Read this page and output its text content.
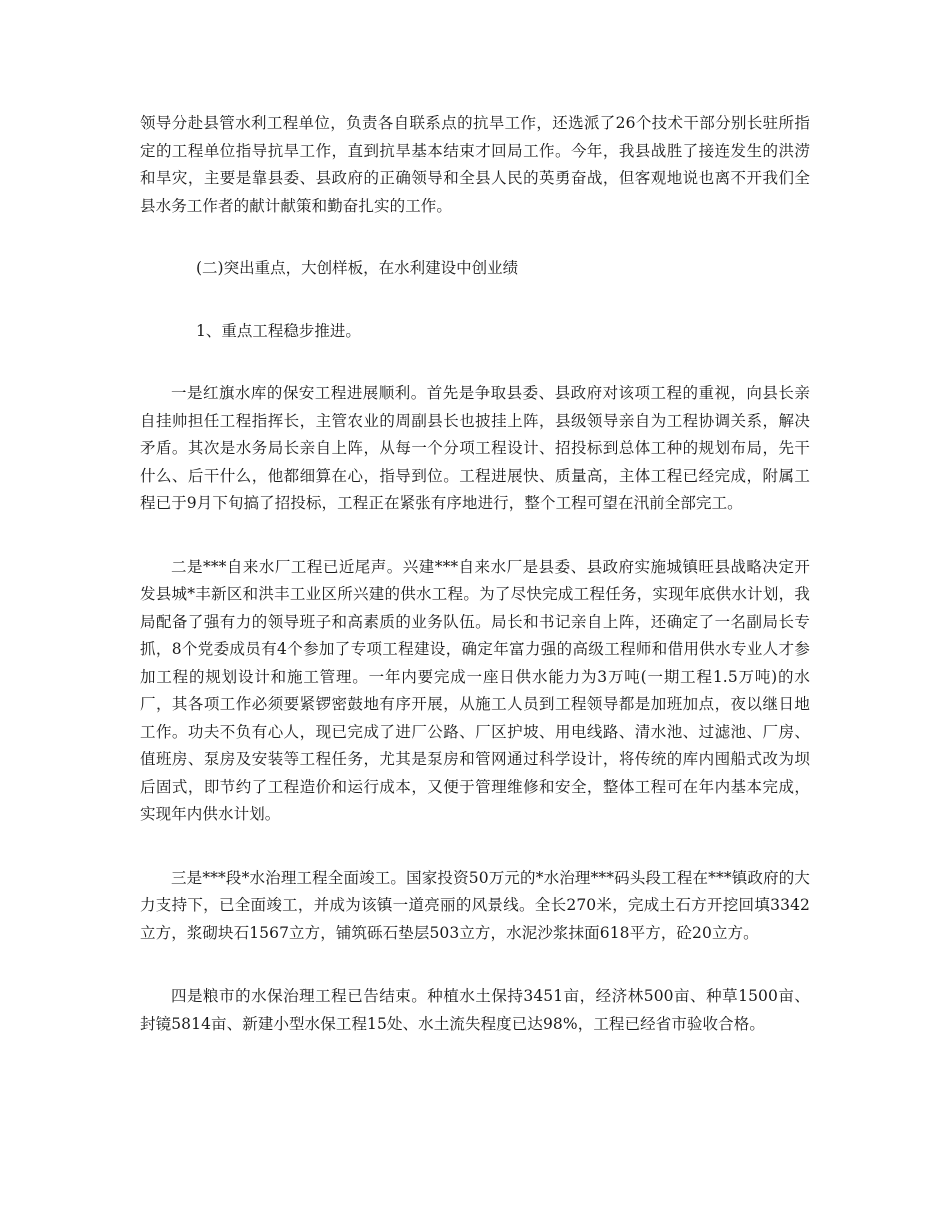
领导分赴县管水利工程单位，负责各自联系点的抗旱工作，还选派了26个技术干部分别长驻所指定的工程单位指导抗旱工作，直到抗旱基本结束才回局工作。今年，我县战胜了接连发生的洪涝和旱灾，主要是靠县委、县政府的正确领导和全县人民的英勇奋战，但客观地说也离不开我们全县水务工作者的献计献策和勤奋扎实的工作。

(二)突出重点，大创样板，在水利建设中创业绩

1、重点工程稳步推进。

一是红旗水库的保安工程进展顺利。首先是争取县委、县政府对该项工程的重视，向县长亲自挂帅担任工程指挥长，主管农业的周副县长也披挂上阵，县级领导亲自为工程协调关系，解决矛盾。其次是水务局长亲自上阵，从每一个分项工程设计、招投标到总体工种的规划布局，先干什么、后干什么，他都细算在心，指导到位。工程进展快、质量高，主体工程已经完成，附属工程已于9月下旬搞了招投标，工程正在紧张有序地进行，整个工程可望在汛前全部完工。

二是***自来水厂工程已近尾声。兴建***自来水厂是县委、县政府实施城镇旺县战略决定开发县城*丰新区和洪丰工业区所兴建的供水工程。为了尽快完成工程任务，实现年底供水计划，我局配备了强有力的领导班子和高素质的业务队伍。局长和书记亲自上阵，还确定了一名副局长专抓，8个党委成员有4个参加了专项工程建设，确定年富力强的高级工程师和借用供水专业人才参加工程的规划设计和施工管理。一年内要完成一座日供水能力为3万吨(一期工程1.5万吨)的水厂，其各项工作必须要紧锣密鼓地有序开展，从施工人员到工程领导都是加班加点，夜以继日地工作。功夫不负有心人，现已完成了进厂公路、厂区护坡、用电线路、清水池、过滤池、厂房、值班房、泵房及安装等工程任务，尤其是泵房和管网通过科学设计，将传统的库内囤船式改为坝后固式，即节约了工程造价和运行成本，又便于管理维修和安全，整体工程可在年内基本完成，实现年内供水计划。

三是***段*水治理工程全面竣工。国家投资50万元的*水治理***码头段工程在***镇政府的大力支持下，已全面竣工，并成为该镇一道亮丽的风景线。全长270米，完成土石方开挖回填3342立方，浆砌块石1567立方，铺筑砾石垫层503立方，水泥沙浆抹面618平方，砼20立方。

四是粮市的水保治理工程已告结束。种植水土保持3451亩，经济林500亩、种草1500亩、封镜5814亩、新建小型水保工程15处、水土流失程度已达98%，工程已经省市验收合格。
